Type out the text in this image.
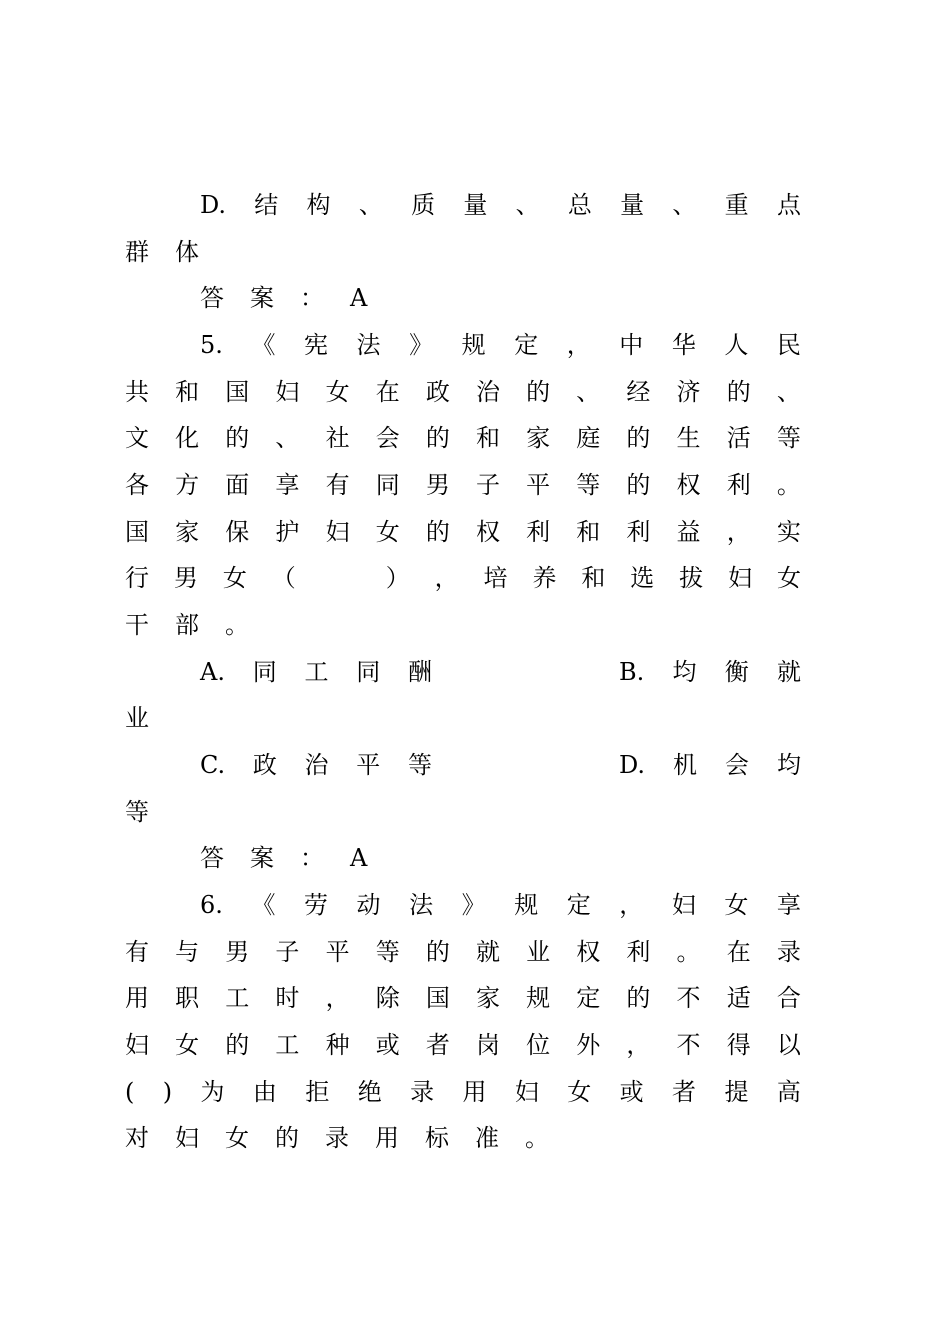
D. 结 构 、 质 量 、 总 量 、 重 点
群 体
答 案 ： A
5. 《 宪 法 》 规 定 ， 中 华 人 民
共 和 国 妇 女 在 政 治 的 、 经 济 的 、
文 化 的 、 社 会 的 和 家 庭 的 生 活 等
各 方 面 享 有 同 男 子 平 等 的 权 利 。
国 家 保 护 妇 女 的 权 利 和 利 益 ， 实
行 男 女 （

	） ， 培 养 和 选 拔 妇 女
干 部 。
A. 同 工 同 酬	B. 均 衡 就
业
C. 政 治 平 等	D. 机 会 均
等
答 案 ： A
6. 《 劳 动 法 》 规 定 ， 妇 女 享
有 与 男 子 平 等 的 就 业 权 利 。 在 录
用 职 工 时 ， 除 国 家 规 定 的 不 适 合
妇 女 的 工 种 或 者 岗 位 外 ， 不 得 以
( ) 为 由 拒 绝 录 用 妇 女 或 者 提 高
对 妇 女 的 录 用 标 准 。
